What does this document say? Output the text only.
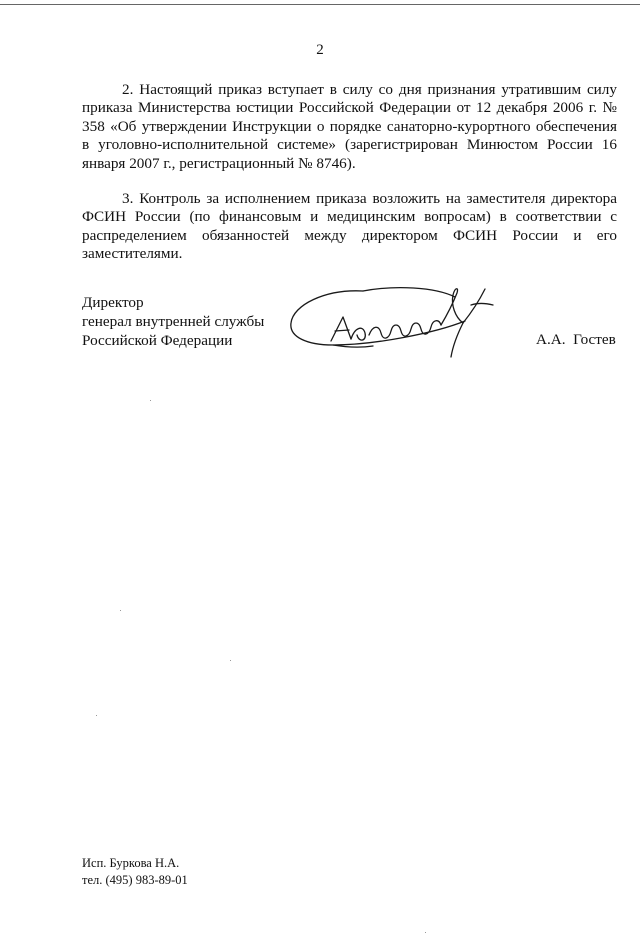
2

2. Настоящий приказ вступает в силу со дня признания утратившим силу приказа Министерства юстиции Российской Федерации от 12 декабря 2006 г. № 358 «Об утверждении Инструкции о порядке санаторно-курортного обеспечения в уголовно-исполнительной системе» (зарегистрирован Минюстом России 16 января 2007 г., регистрационный № 8746).

3. Контроль за исполнением приказа возложить на заместителя директора ФСИН России (по финансовым и медицинским вопросам) в соответствии с распределением обязанностей между директором ФСИН России и его заместителями.

Директор
генерал внутренней службы
Российской Федерации	А.А.  Гостев
Исп. Буркова Н.А.
тел. (495) 983-89-01
